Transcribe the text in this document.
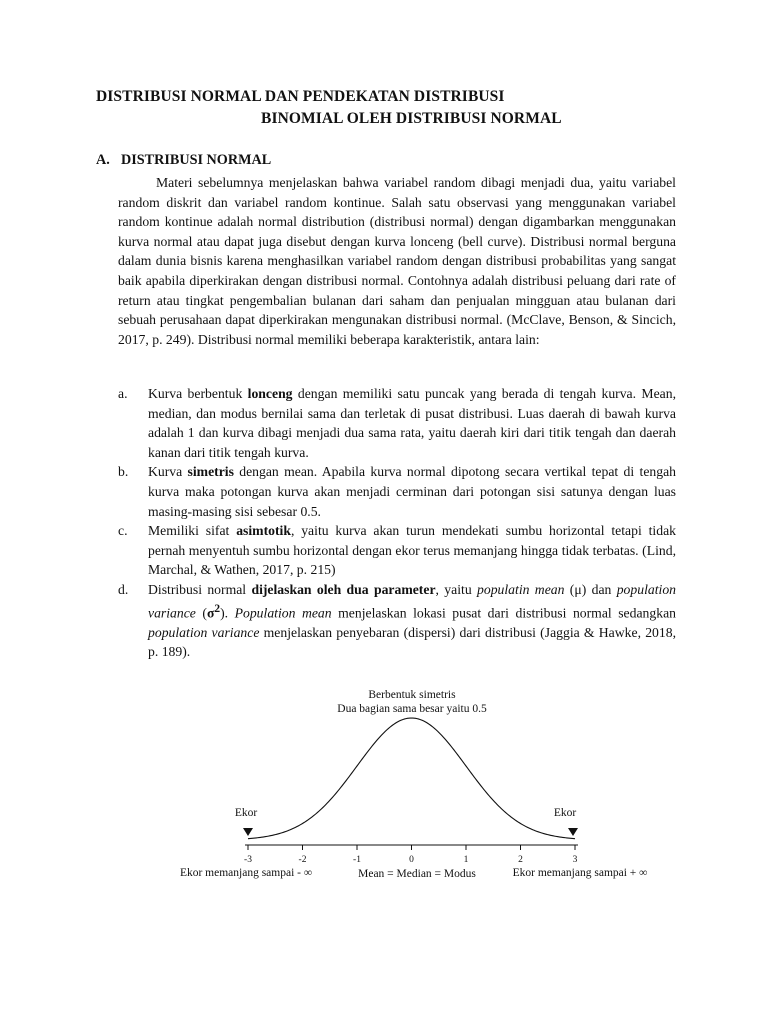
DISTRIBUSI NORMAL DAN PENDEKATAN DISTRIBUSI
BINOMIAL OLEH DISTRIBUSI NORMAL
A. DISTRIBUSI NORMAL

Materi sebelumnya menjelaskan bahwa variabel random dibagi menjadi dua, yaitu variabel random diskrit dan variabel random kontinue. Salah satu observasi yang menggunakan variabel random kontinue adalah normal distribution (distribusi normal) dengan digambarkan menggunakan kurva normal atau dapat juga disebut dengan kurva lonceng (bell curve). Distribusi normal berguna dalam dunia bisnis karena menghasilkan variabel random dengan distribusi probabilitas yang sangat baik apabila diperkirakan dengan distribusi normal. Contohnya adalah distribusi peluang dari rate of return atau tingkat pengembalian bulanan dari saham dan penjualan mingguan atau bulanan dari sebuah perusahaan dapat diperkirakan mengunakan distribusi normal. (McClave, Benson, & Sincich, 2017, p. 249). Distribusi normal memiliki beberapa karakteristik, antara lain:

a. Kurva berbentuk lonceng dengan memiliki satu puncak yang berada di tengah kurva. Mean, median, dan modus bernilai sama dan terletak di pusat distribusi. Luas daerah di bawah kurva adalah 1 dan kurva dibagi menjadi dua sama rata, yaitu daerah kiri dari titik tengah dan daerah kanan dari titik tengah kurva.
b. Kurva simetris dengan mean. Apabila kurva normal dipotong secara vertikal tepat di tengah kurva maka potongan kurva akan menjadi cerminan dari potongan sisi satunya dengan luas masing-masing sisi sebesar 0.5.
c. Memiliki sifat asimtotik, yaitu kurva akan turun mendekati sumbu horizontal tetapi tidak pernah menyentuh sumbu horizontal dengan ekor terus memanjang hingga tidak terbatas. (Lind, Marchal, & Wathen, 2017, p. 215)
d. Distribusi normal dijelaskan oleh dua parameter, yaitu populatin mean (μ) dan population variance $(\sigma^2)$. Population mean menjelaskan lokasi pusat dari distribusi normal sedangkan population variance menjelaskan penyebaran (dispersi) dari distribusi (Jaggia & Hawke, 2018, p. 189).
Berbentuk simetris
Dua bagian sama besar yaitu 0.5
-3	-2	-1	0	1	2	3
Ekor	Ekor
Ekor memanjang sampai - ∞	Mean = Median = Modus	Ekor memanjang sampai + ∞
